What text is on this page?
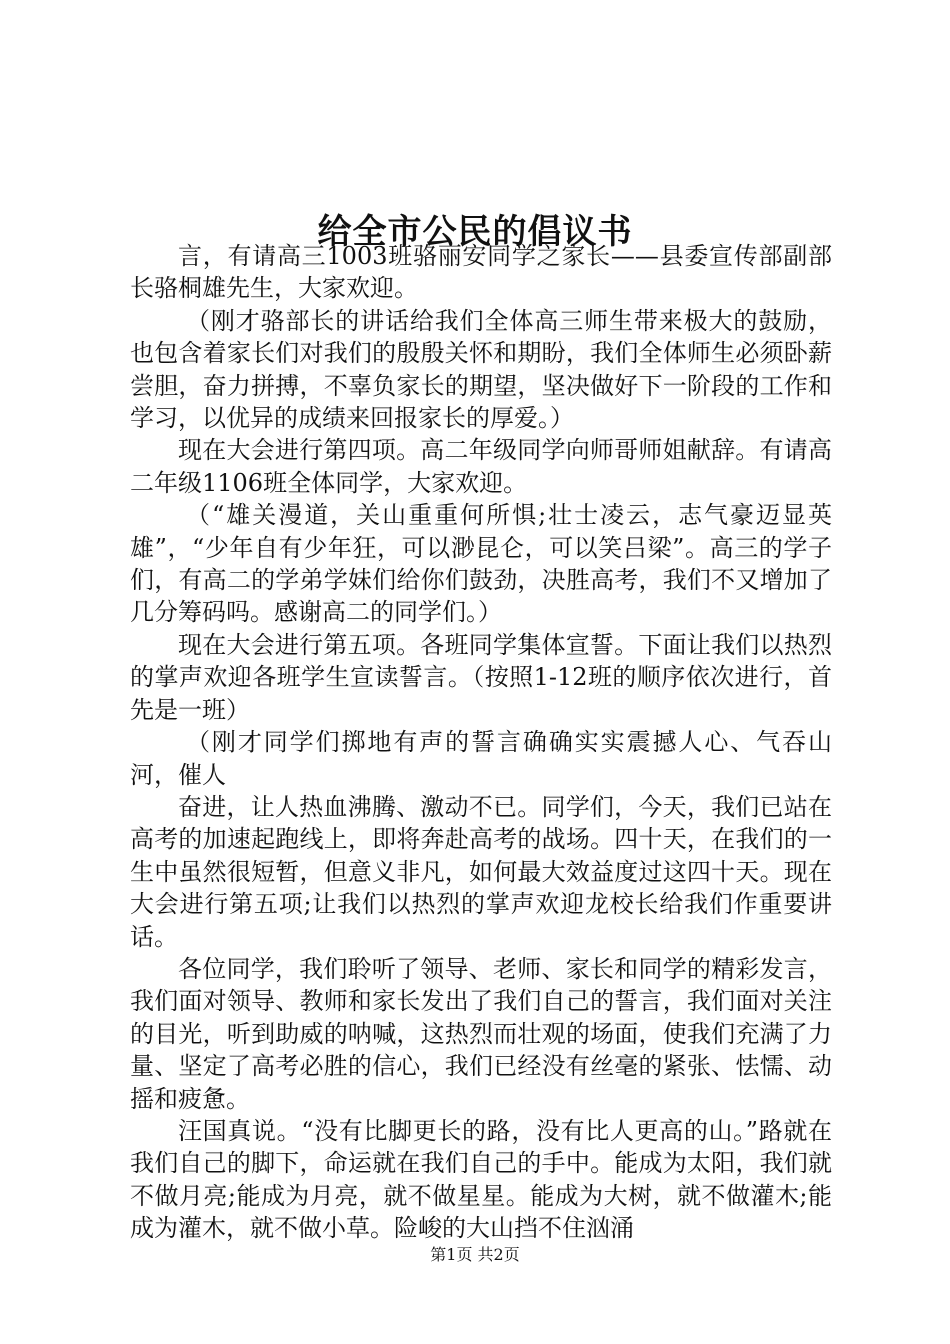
给全市公民的倡议书

言，有请高三1003班骆丽安同学之家长——县委宣传部副部长骆桐雄先生，大家欢迎。

（刚才骆部长的讲话给我们全体高三师生带来极大的鼓励，也包含着家长们对我们的殷殷关怀和期盼，我们全体师生必须卧薪尝胆，奋力拼搏，不辜负家长的期望，坚决做好下一阶段的工作和学习，以优异的成绩来回报家长的厚爱。）

现在大会进行第四项。高二年级同学向师哥师姐献辞。有请高二年级1106班全体同学，大家欢迎。

（“雄关漫道，关山重重何所惧;壮士凌云，志气豪迈显英雄”，“少年自有少年狂，可以渺昆仑，可以笑吕梁”。高三的学子们，有高二的学弟学妹们给你们鼓劲，决胜高考，我们不又增加了几分筹码吗。感谢高二的同学们。）

现在大会进行第五项。各班同学集体宣誓。下面让我们以热烈的掌声欢迎各班学生宣读誓言。（按照1-12班的顺序依次进行，首先是一班）

（刚才同学们掷地有声的誓言确确实实震撼人心、气吞山河，催人

奋进，让人热血沸腾、激动不已。同学们，今天，我们已站在高考的加速起跑线上，即将奔赴高考的战场。四十天，在我们的一生中虽然很短暂，但意义非凡，如何最大效益度过这四十天。现在大会进行第五项;让我们以热烈的掌声欢迎龙校长给我们作重要讲话。

各位同学，我们聆听了领导、老师、家长和同学的精彩发言，我们面对领导、教师和家长发出了我们自己的誓言，我们面对关注的目光，听到助威的呐喊，这热烈而壮观的场面，使我们充满了力量、坚定了高考必胜的信心，我们已经没有丝毫的紧张、怯懦、动摇和疲惫。

汪国真说。“没有比脚更长的路，没有比人更高的山。”路就在我们自己的脚下，命运就在我们自己的手中。能成为太阳，我们就不做月亮;能成为月亮，就不做星星。能成为大树，就不做灌木;能成为灌木，就不做小草。险峻的大山挡不住汹涌

第1页 共2页
